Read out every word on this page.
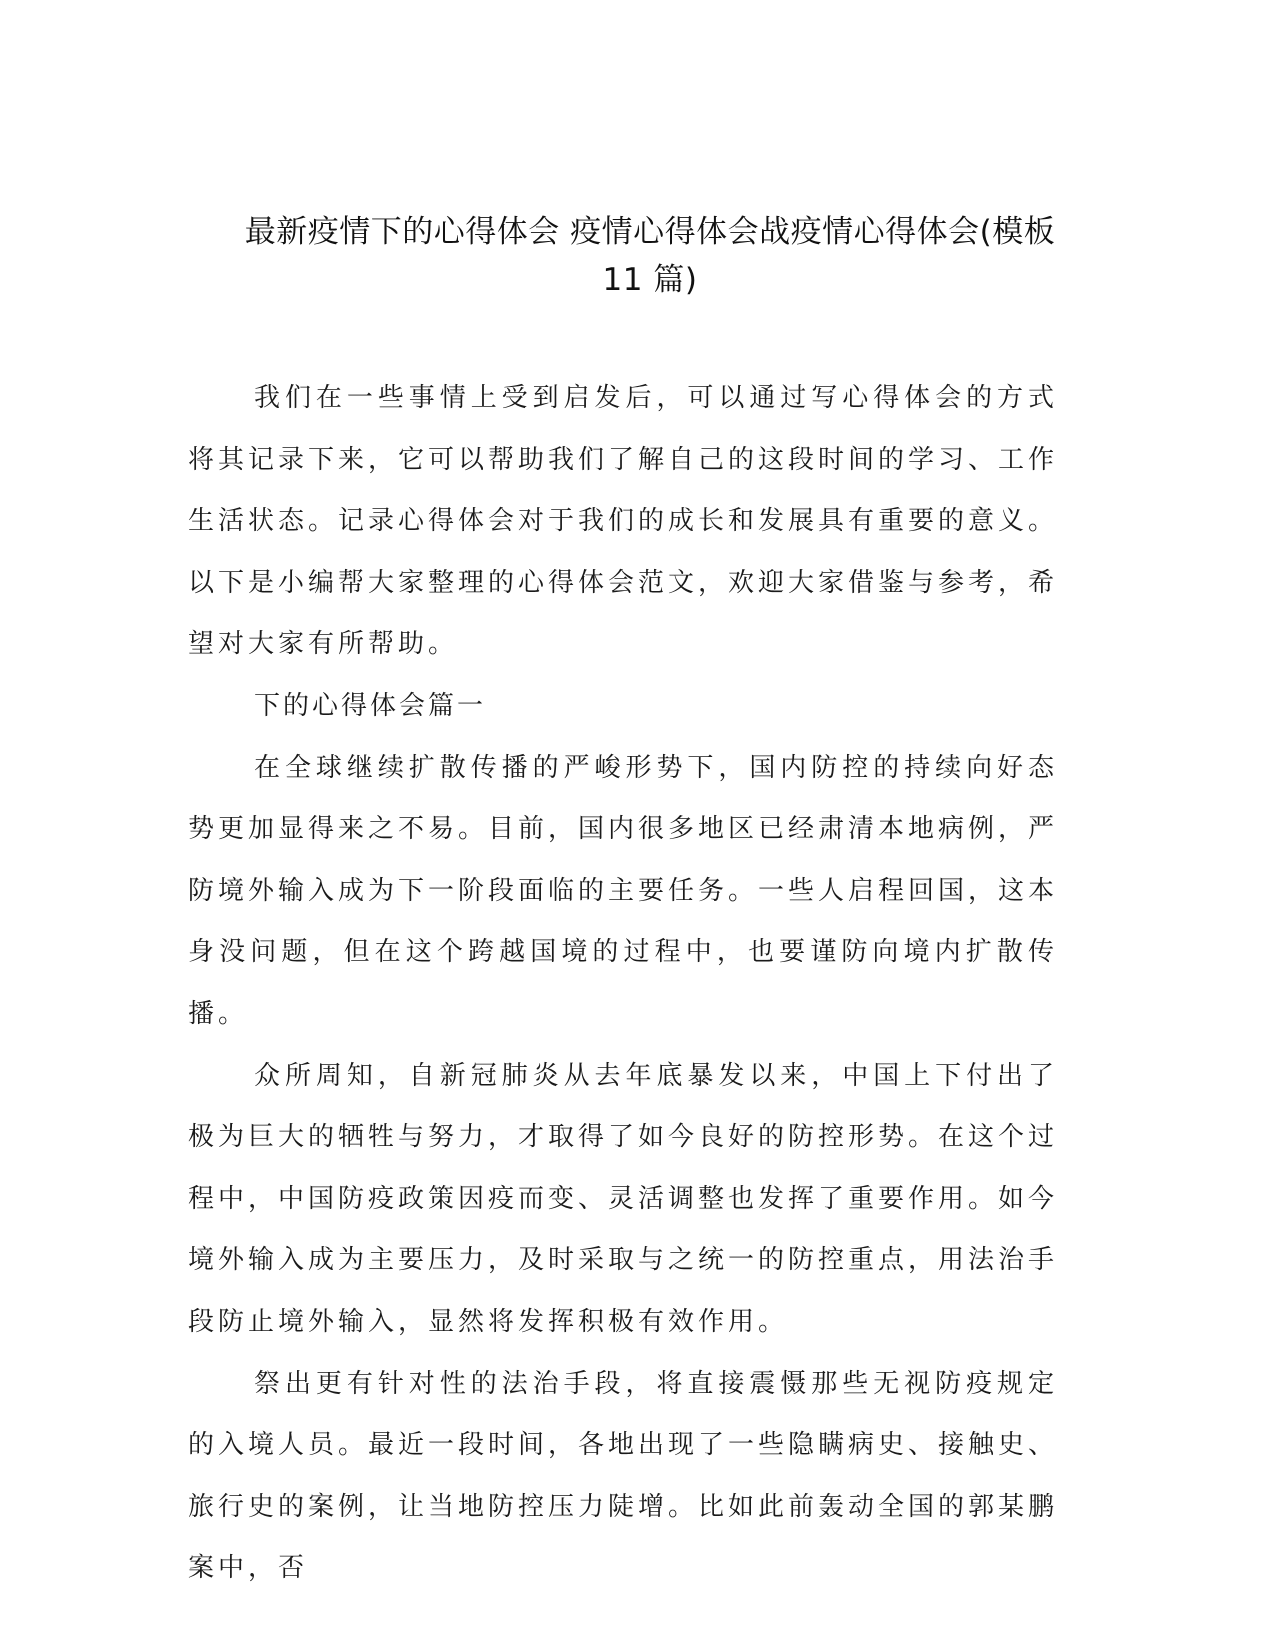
最新疫情下的心得体会 疫情心得体会战疫情心得体会(模板
11 篇)

我们在一些事情上受到启发后，可以通过写心得体会的方式将其记录下来，它可以帮助我们了解自己的这段时间的学习、工作生活状态。记录心得体会对于我们的成长和发展具有重要的意义。以下是小编帮大家整理的心得体会范文，欢迎大家借鉴与参考，希望对大家有所帮助。

下的心得体会篇一

在全球继续扩散传播的严峻形势下，国内防控的持续向好态势更加显得来之不易。目前，国内很多地区已经肃清本地病例，严防境外输入成为下一阶段面临的主要任务。一些人启程回国，这本身没问题，但在这个跨越国境的过程中，也要谨防向境内扩散传播。

众所周知，自新冠肺炎从去年底暴发以来，中国上下付出了极为巨大的牺牲与努力，才取得了如今良好的防控形势。在这个过程中，中国防疫政策因疫而变、灵活调整也发挥了重要作用。如今境外输入成为主要压力，及时采取与之统一的防控重点，用法治手段防止境外输入，显然将发挥积极有效作用。

祭出更有针对性的法治手段，将直接震慑那些无视防疫规定的入境人员。最近一段时间，各地出现了一些隐瞒病史、接触史、旅行史的案例，让当地防控压力陡增。比如此前轰动全国的郭某鹏案中，否
